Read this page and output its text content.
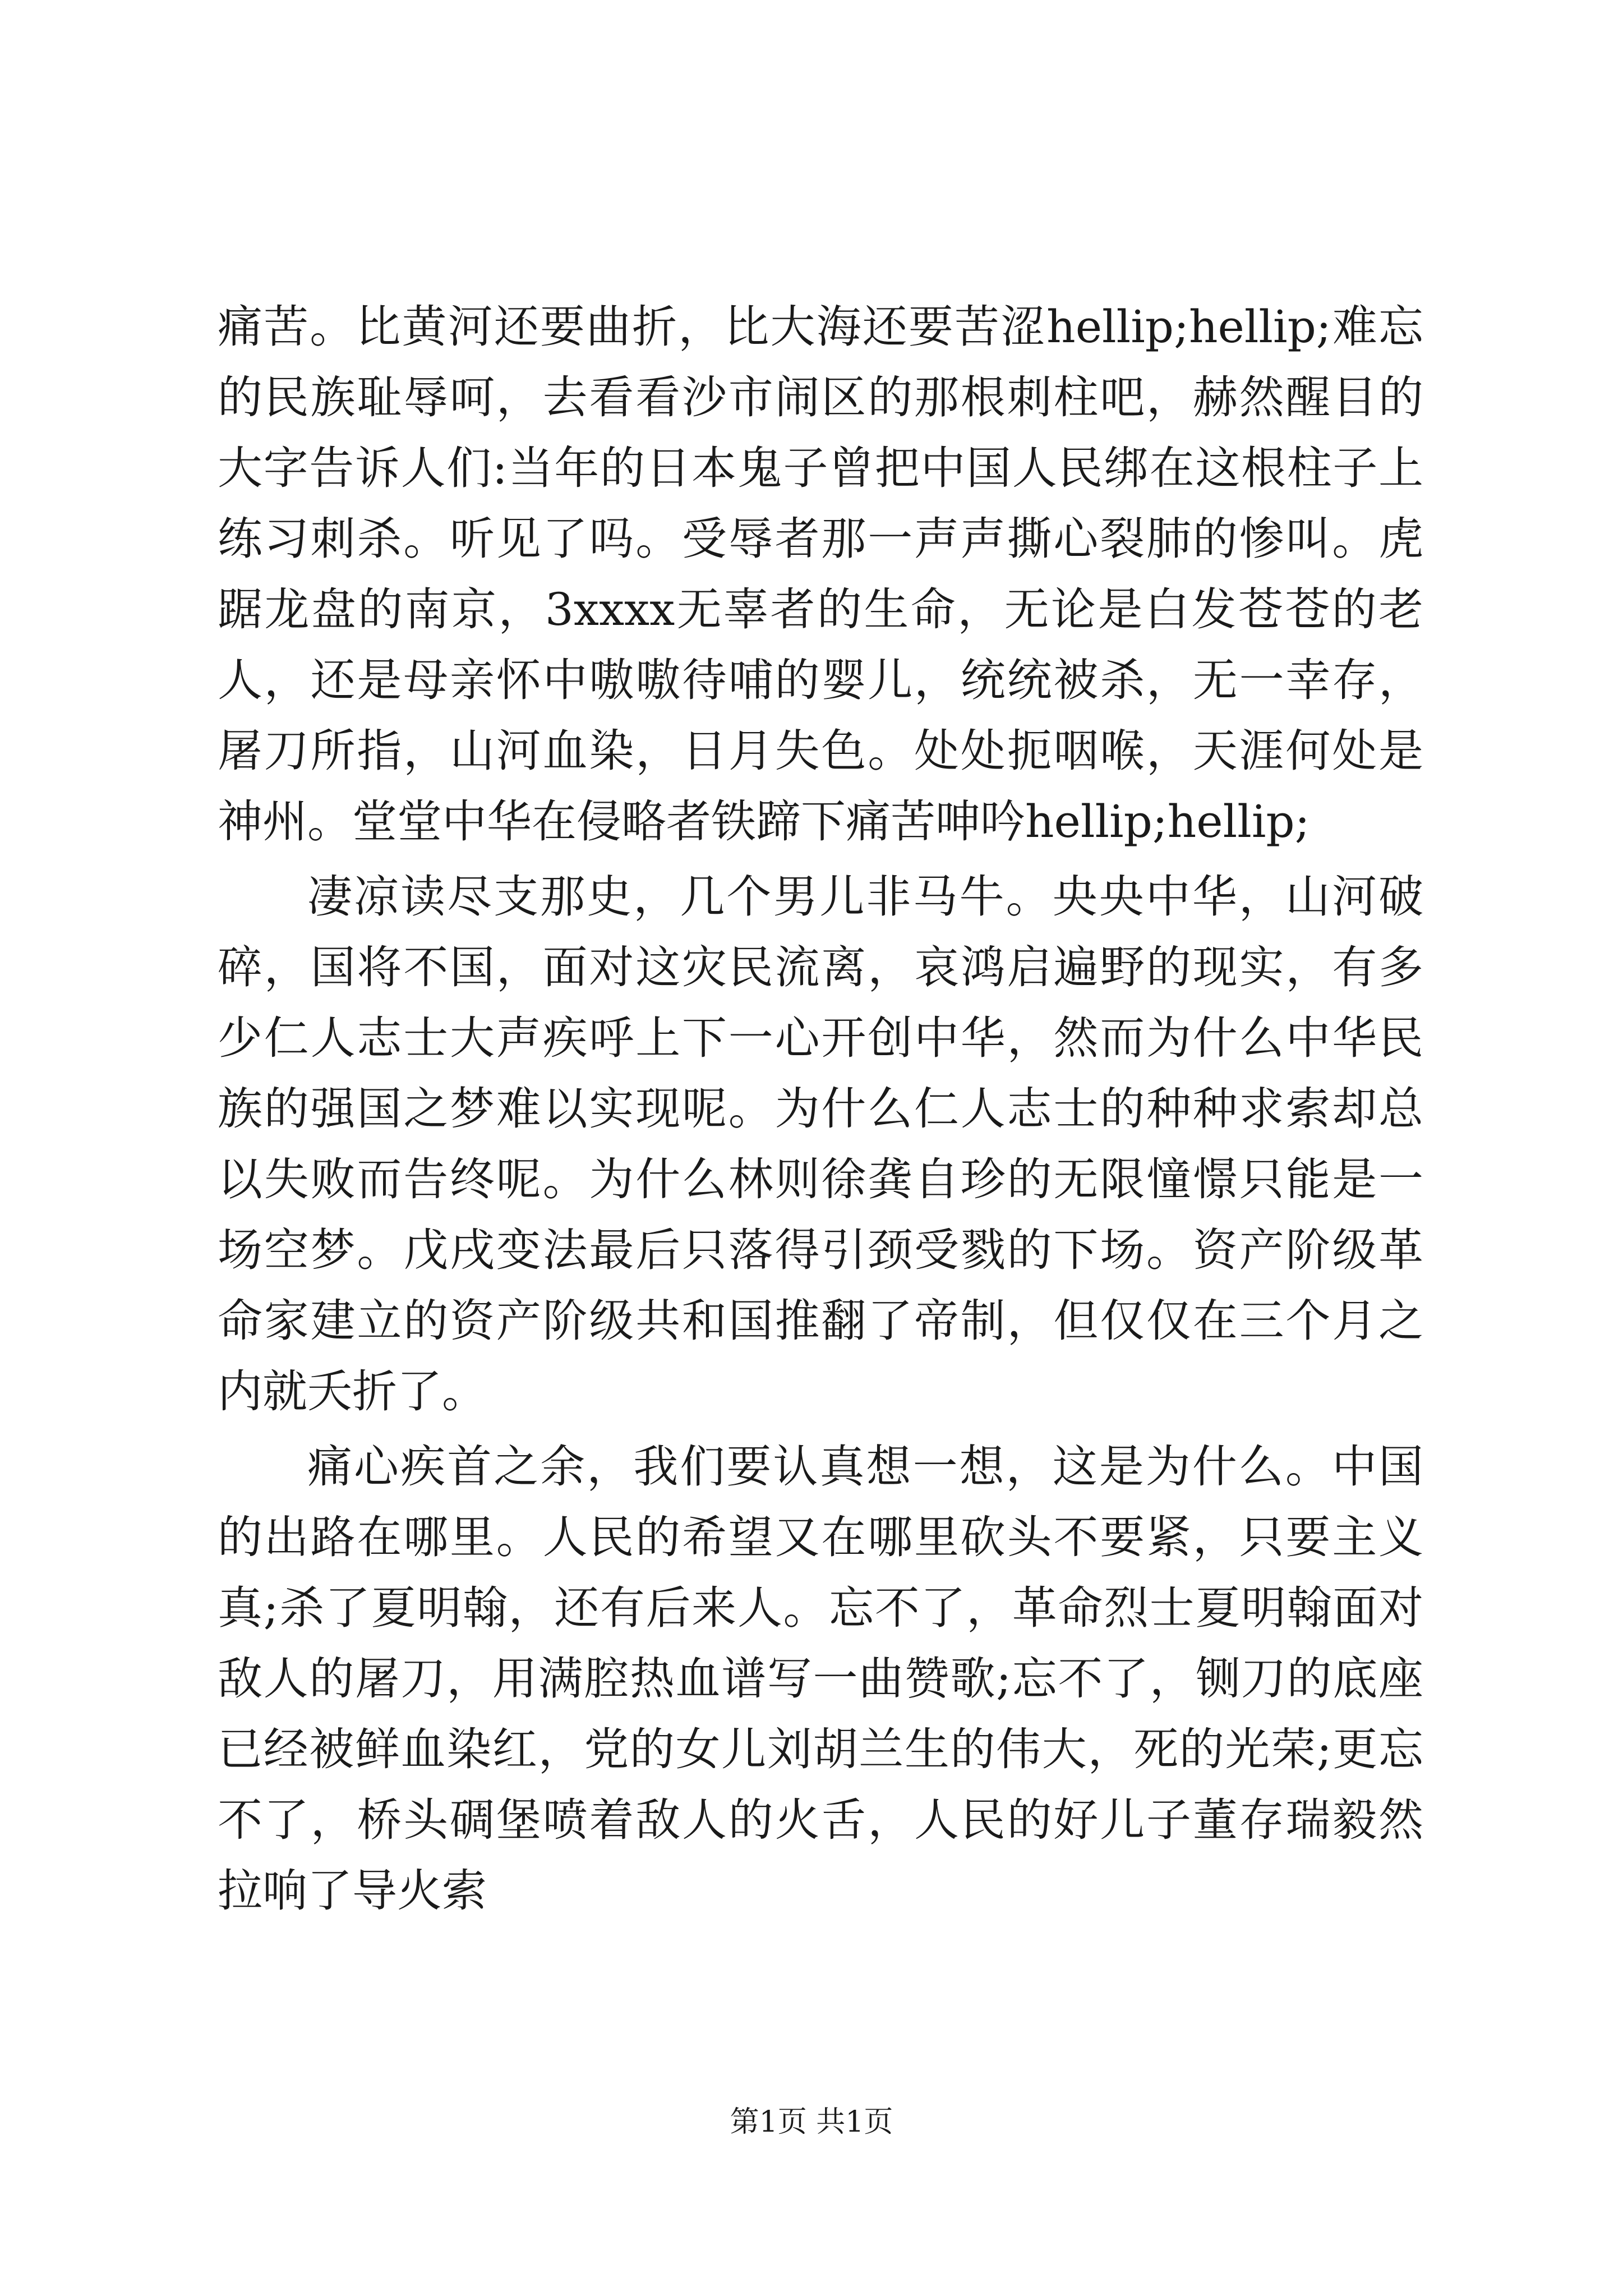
痛苦。比黄河还要曲折，比大海还要苦涩hellip;hellip;难忘的民族耻辱呵，去看看沙市闹区的那根刺柱吧，赫然醒目的大字告诉人们:当年的日本鬼子曾把中国人民绑在这根柱子上练习刺杀。听见了吗。受辱者那一声声撕心裂肺的惨叫。虎踞龙盘的南京，3xxxx无辜者的生命，无论是白发苍苍的老人，还是母亲怀中嗷嗷待哺的婴儿，统统被杀，无一幸存，屠刀所指，山河血染，日月失色。处处扼咽喉，天涯何处是神州。堂堂中华在侵略者铁蹄下痛苦呻吟hellip;hellip;

凄凉读尽支那史，几个男儿非马牛。央央中华，山河破碎，国将不国，面对这灾民流离，哀鸿启遍野的现实，有多少仁人志士大声疾呼上下一心开创中华，然而为什么中华民族的强国之梦难以实现呢。为什么仁人志士的种种求索却总以失败而告终呢。为什么林则徐龚自珍的无限憧憬只能是一场空梦。戊戌变法最后只落得引颈受戮的下场。资产阶级革命家建立的资产阶级共和国推翻了帝制，但仅仅在三个月之内就夭折了。

痛心疾首之余，我们要认真想一想，这是为什么。中国的出路在哪里。人民的希望又在哪里砍头不要紧，只要主义真;杀了夏明翰，还有后来人。忘不了，革命烈士夏明翰面对敌人的屠刀，用满腔热血谱写一曲赞歌;忘不了，铡刀的底座已经被鲜血染红，党的女儿刘胡兰生的伟大，死的光荣;更忘不了，桥头碉堡喷着敌人的火舌，人民的好儿子董存瑞毅然拉响了导火索

第1页 共1页
